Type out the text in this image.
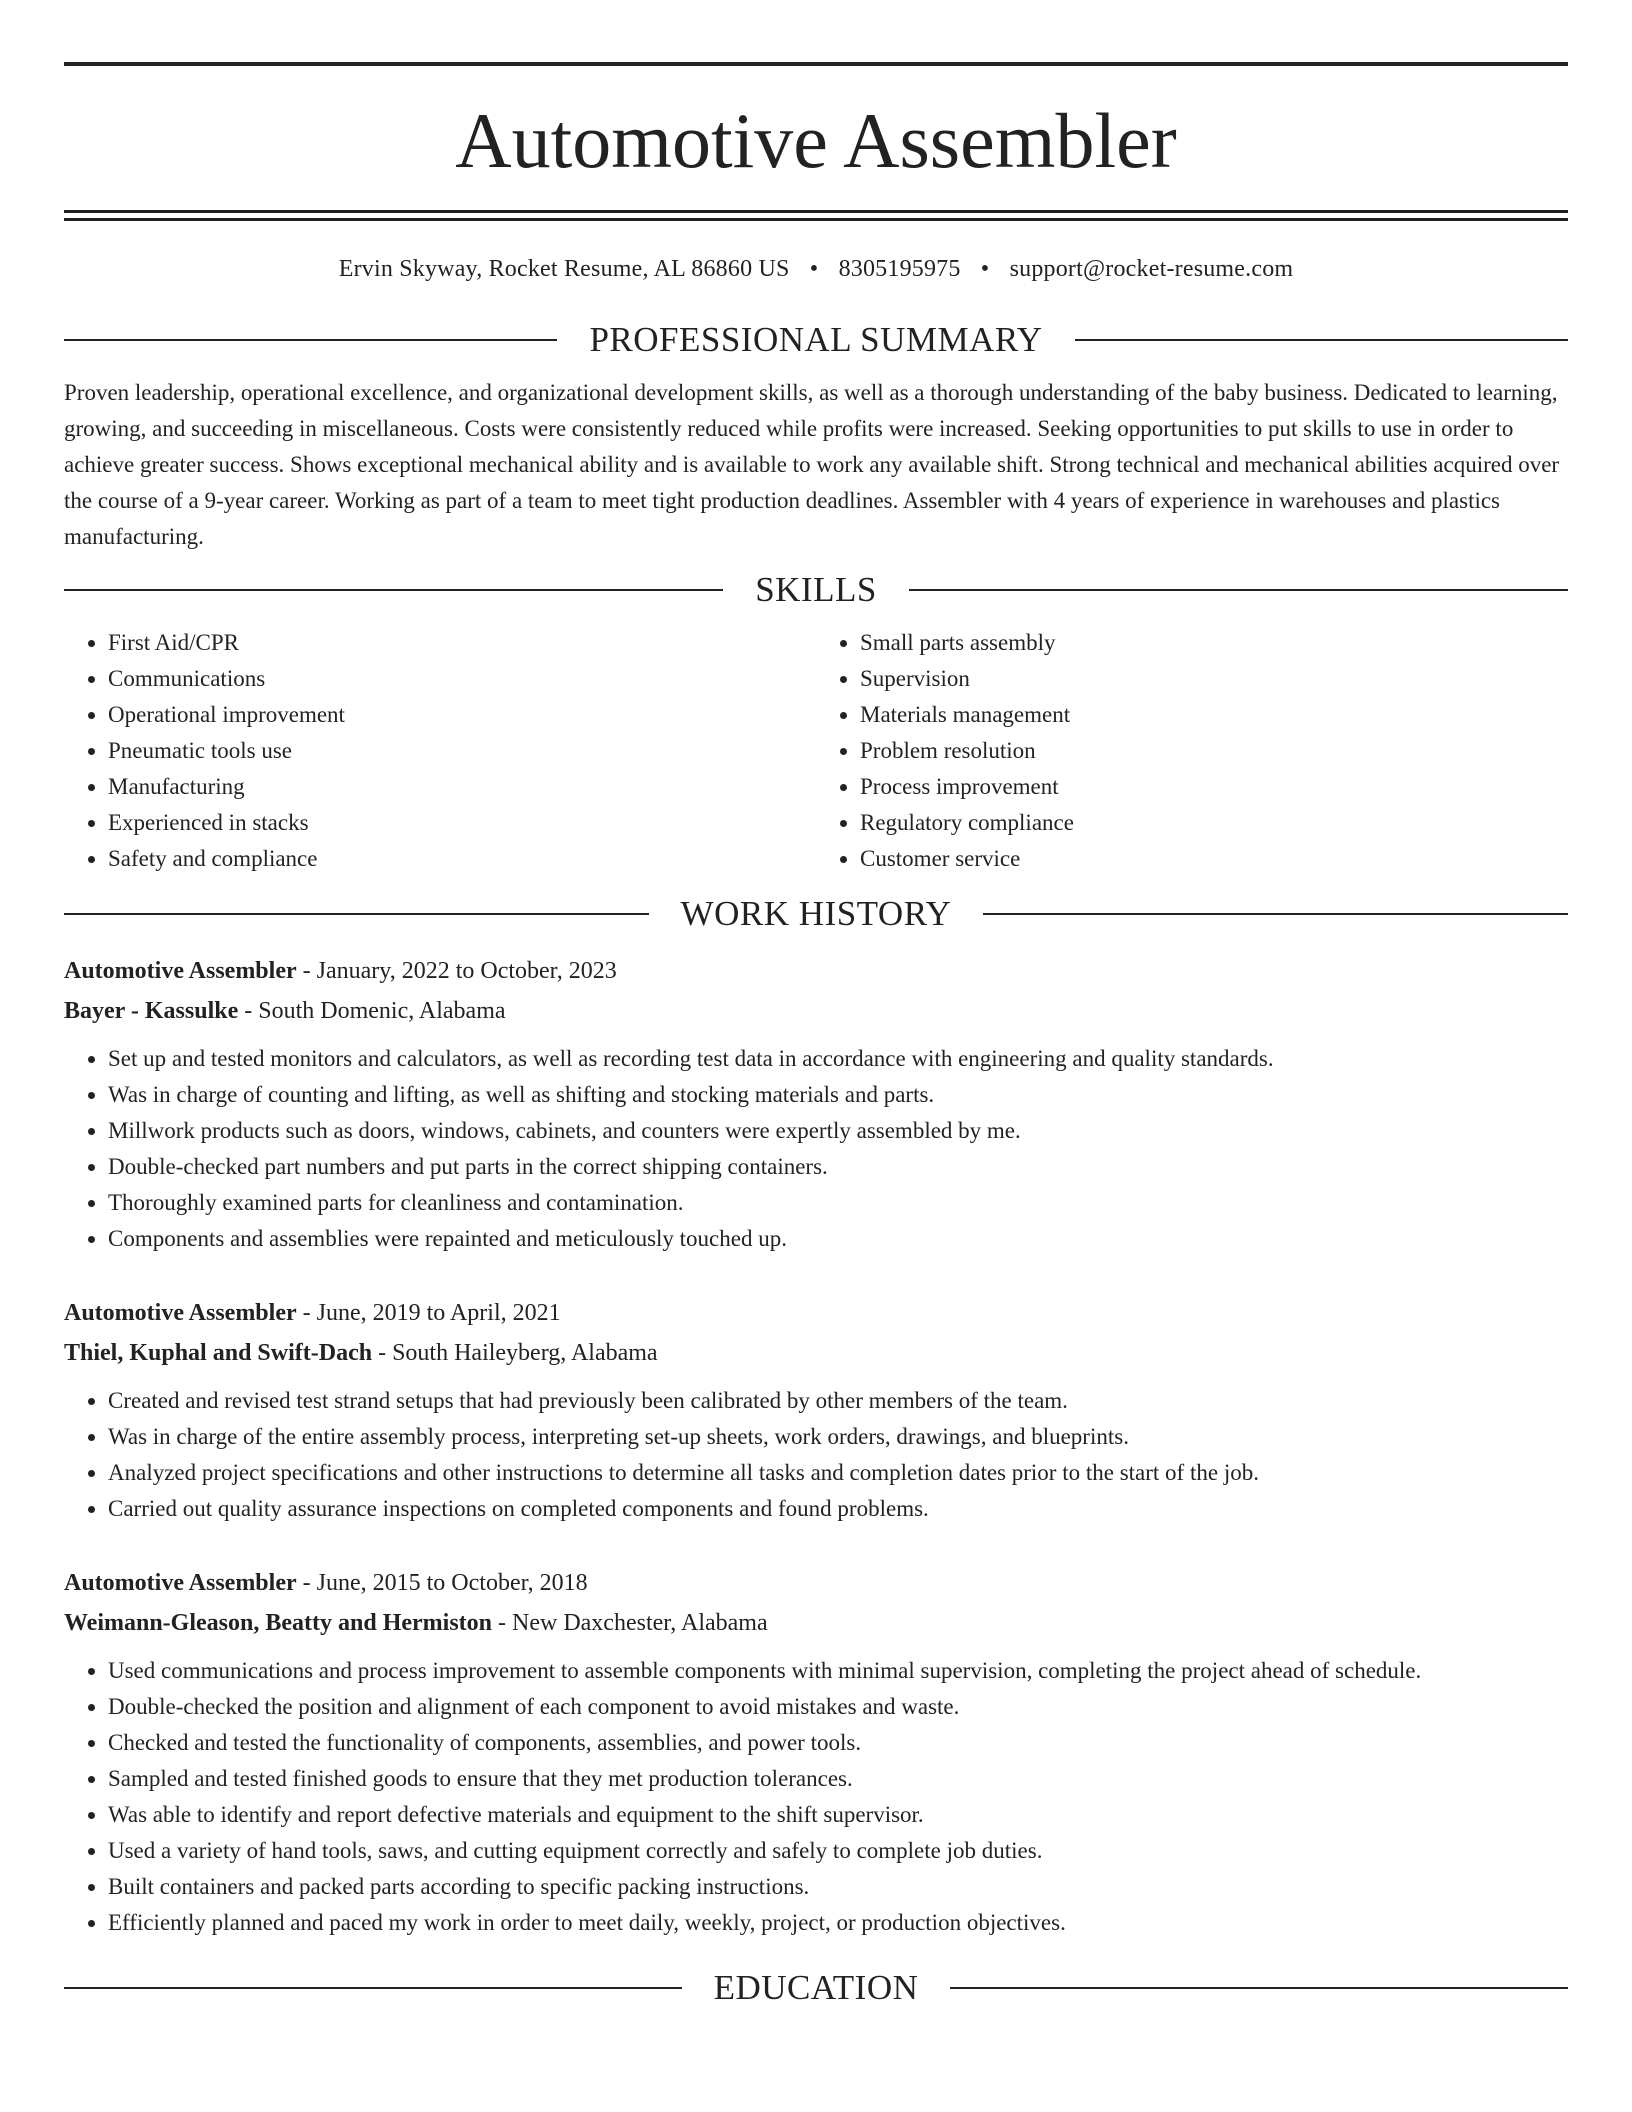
Automotive Assembler
Ervin Skyway, Rocket Resume, AL 86860 US • 8305195975 • support@rocket-resume.com
PROFESSIONAL SUMMARY
Proven leadership, operational excellence, and organizational development skills, as well as a thorough understanding of the baby business. Dedicated to learning, growing, and succeeding in miscellaneous. Costs were consistently reduced while profits were increased. Seeking opportunities to put skills to use in order to achieve greater success. Shows exceptional mechanical ability and is available to work any available shift. Strong technical and mechanical abilities acquired over the course of a 9-year career. Working as part of a team to meet tight production deadlines. Assembler with 4 years of experience in warehouses and plastics manufacturing.
SKILLS
• First Aid/CPR
• Communications
• Operational improvement
• Pneumatic tools use
• Manufacturing
• Experienced in stacks
• Safety and compliance
• Small parts assembly
• Supervision
• Materials management
• Problem resolution
• Process improvement
• Regulatory compliance
• Customer service
WORK HISTORY
Automotive Assembler - January, 2022 to October, 2023
Bayer - Kassulke - South Domenic, Alabama
• Set up and tested monitors and calculators, as well as recording test data in accordance with engineering and quality standards.
• Was in charge of counting and lifting, as well as shifting and stocking materials and parts.
• Millwork products such as doors, windows, cabinets, and counters were expertly assembled by me.
• Double-checked part numbers and put parts in the correct shipping containers.
• Thoroughly examined parts for cleanliness and contamination.
• Components and assemblies were repainted and meticulously touched up.
Automotive Assembler - June, 2019 to April, 2021
Thiel, Kuphal and Swift-Dach - South Haileyberg, Alabama
• Created and revised test strand setups that had previously been calibrated by other members of the team.
• Was in charge of the entire assembly process, interpreting set-up sheets, work orders, drawings, and blueprints.
• Analyzed project specifications and other instructions to determine all tasks and completion dates prior to the start of the job.
• Carried out quality assurance inspections on completed components and found problems.
Automotive Assembler - June, 2015 to October, 2018
Weimann-Gleason, Beatty and Hermiston - New Daxchester, Alabama
• Used communications and process improvement to assemble components with minimal supervision, completing the project ahead of schedule.
• Double-checked the position and alignment of each component to avoid mistakes and waste.
• Checked and tested the functionality of components, assemblies, and power tools.
• Sampled and tested finished goods to ensure that they met production tolerances.
• Was able to identify and report defective materials and equipment to the shift supervisor.
• Used a variety of hand tools, saws, and cutting equipment correctly and safely to complete job duties.
• Built containers and packed parts according to specific packing instructions.
• Efficiently planned and paced my work in order to meet daily, weekly, project, or production objectives.
EDUCATION
